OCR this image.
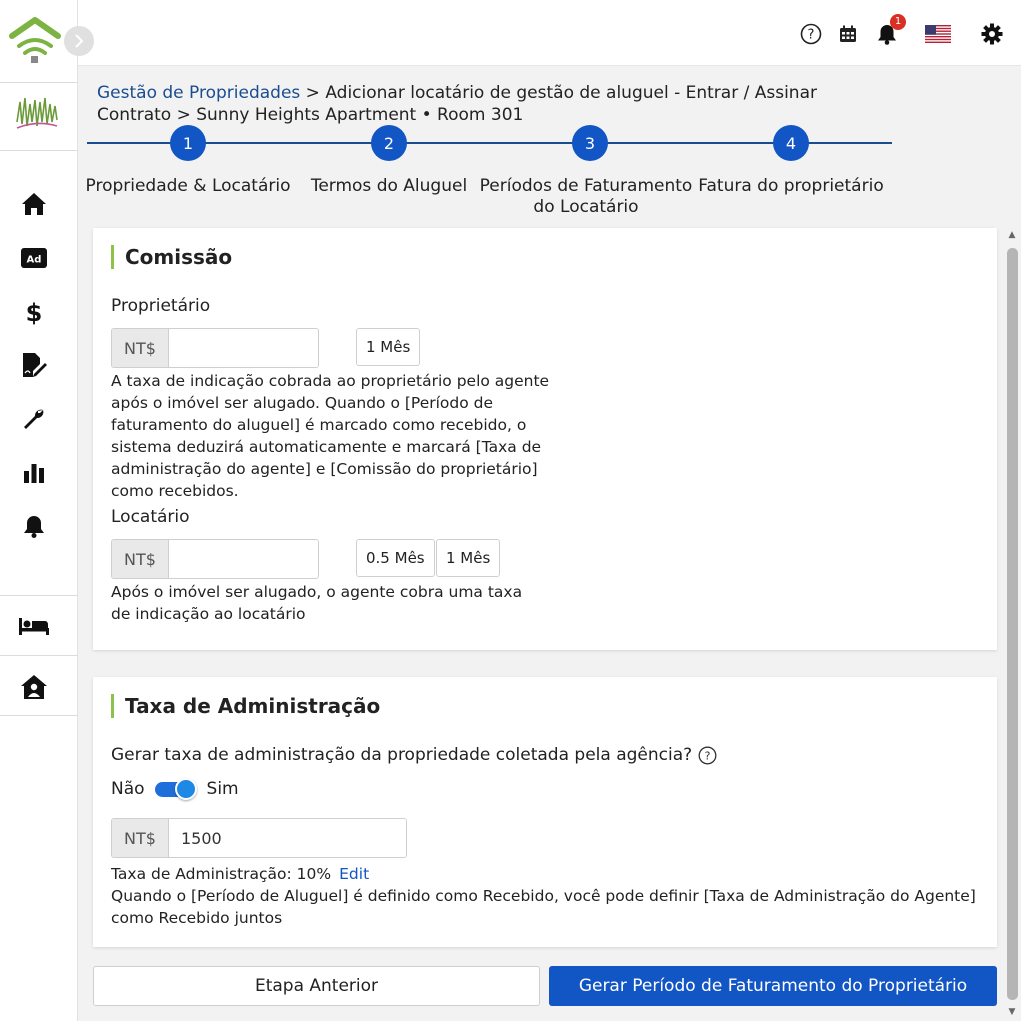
Ad
$
?
1
Gestão de Propriedades > Adicionar locatário de gestão de aluguel - Entrar / Assinar Contrato > Sunny Heights Apartment • Room 301
1	2	3	4
Propriedade & Locatário	Termos do Aluguel Períodos de Faturamento do Locatário
Fatura do proprietário
Comissão
Proprietário
NT$	1 Mês
A taxa de indicação cobrada ao proprietário pelo agente após o imóvel ser alugado. Quando o [Período de faturamento do aluguel] é marcado como recebido, o sistema deduzirá automaticamente e marcará [Taxa de administração do agente] e [Comissão do proprietário] como recebidos.
Locatário
NT$	0.5 Mês	1 Mês
Após o imóvel ser alugado, o agente cobra uma taxa de indicação ao locatário
Taxa de Administração
Gerar taxa de administração da propriedade coletada pela agência? ?
Não	Sim
NT$
1500
Taxa de Administração: 10% Edit
Quando o [Período de Aluguel] é definido como Recebido, você pode definir [Taxa de Administração do Agente] como Recebido juntos
Etapa Anterior	Gerar Período de Faturamento do Proprietário
▲
▼
